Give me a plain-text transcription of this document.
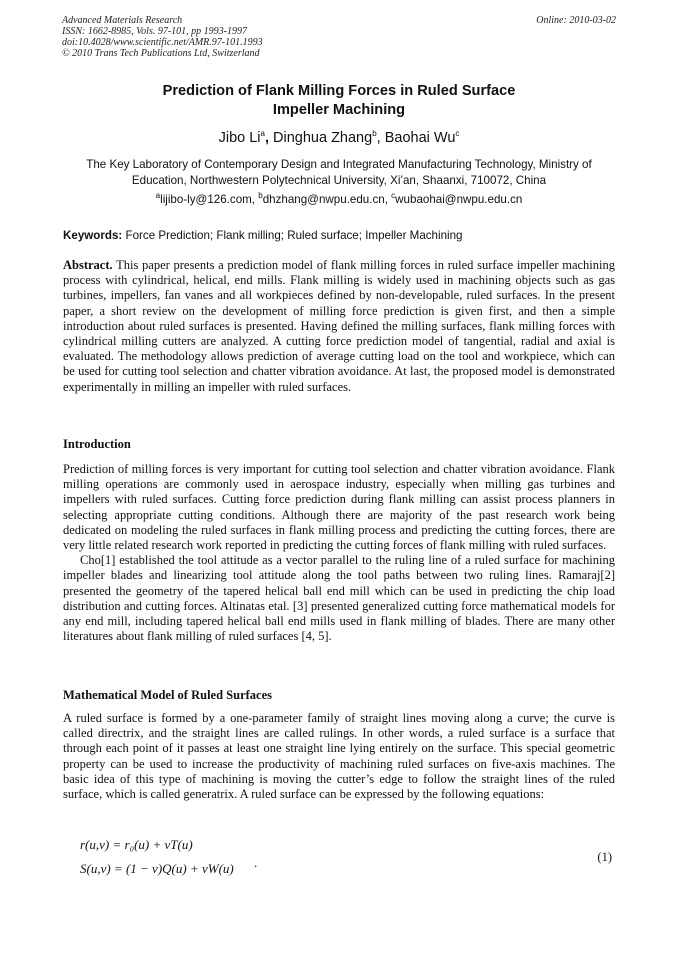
Advanced Materials Research
ISSN: 1662-8985, Vols. 97-101, pp 1993-1997
doi:10.4028/www.scientific.net/AMR.97-101.1993
© 2010 Trans Tech Publications Ltd, Switzerland
Online: 2010-03-02
Prediction of Flank Milling Forces in Ruled Surface
Impeller Machining
Jibo Li$^a$, Dinghua Zhang$^b$, Baohai Wu$^c$
The Key Laboratory of Contemporary Design and Integrated Manufacturing Technology, Ministry of
Education, Northwestern Polytechnical University, Xi’an, Shaanxi, 710072, China
$^a$lijibo-ly@126.com, $^b$dhzhang@nwpu.edu.cn, $^c$wubaohai@nwpu.edu.cn
Keywords: Force Prediction; Flank milling; Ruled surface; Impeller Machining
Abstract. This paper presents a prediction model of flank milling forces in ruled surface impeller machining process with cylindrical, helical, end mills. Flank milling is widely used in machining objects such as gas turbines, impellers, fan vanes and all workpieces defined by non-developable, ruled surfaces. In the present paper, a short review on the development of milling force prediction is given first, and then a simple introduction about ruled surfaces is presented. Having defined the milling surfaces, flank milling forces with cylindrical milling cutters are analyzed. A cutting force prediction model of tangential, radial and axial is evaluated. The methodology allows prediction of average cutting load on the tool and workpiece, which can be used for cutting tool selection and chatter vibration avoidance. At last, the proposed model is demonstrated experimentally in milling an impeller with ruled surfaces.
Introduction

Prediction of milling forces is very important for cutting tool selection and chatter vibration avoidance. Flank milling operations are commonly used in aerospace industry, especially when milling gas turbines and impellers with ruled surfaces. Cutting force prediction during flank milling can assist process planners in selecting appropriate cutting conditions. Although there are majority of the past research work being dedicated on modeling the ruled surfaces in flank milling process and predicting the cutting forces, there are very little related research work reported in predicting the cutting forces of flank milling with ruled surfaces.

Cho[1] established the tool attitude as a vector parallel to the ruling line of a ruled surface for machining impeller blades and linearizing tool attitude along the tool paths between two ruling lines. Ramaraj[2] presented the geometry of the tapered helical ball end mill which can be used in predicting the chip load distribution and cutting forces. Altinatas etal. [3] presented generalized cutting force mathematical models for any end mill, including tapered helical ball end mills used in flank milling of blades. There are many other literatures about flank milling of ruled surfaces [4, 5].

Mathematical Model of Ruled Surfaces

A ruled surface is formed by a one-parameter family of straight lines moving along a curve; the curve is called directrix, and the straight lines are called rulings. In other words, a ruled surface is a surface that through each point of it passes at least one straight line lying entirely on the surface. This special geometric property can be used to increase the productivity of machining ruled surfaces on five-axis machines. The basic idea of this type of machining is moving the cutter’s edge to follow the straight lines of the ruled surface, which is called generatrix. A ruled surface can be expressed by the following equations:

r(u,v) = r₀(u) + vT(u)
S(u,v) = (1 − v)Q(u) + vW(u) .	(1)
